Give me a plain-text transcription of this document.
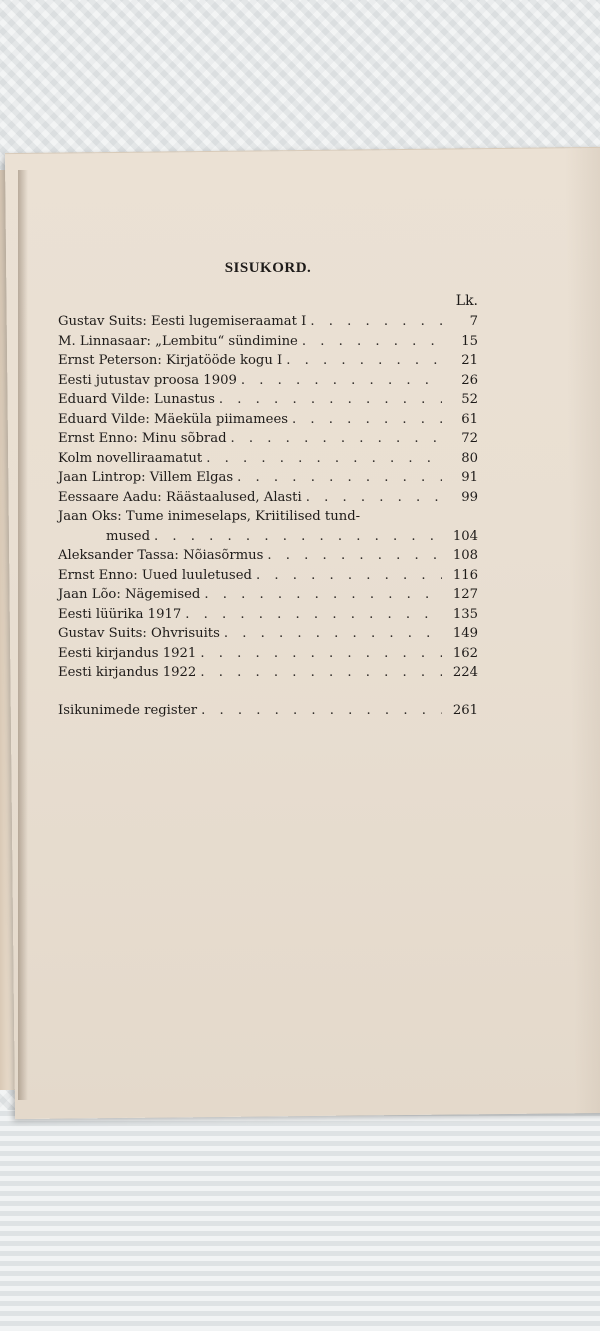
SISUKORD.
Lk.
Gustav Suits: Eesti lugemiseraamat I . . .	7
M. Linnasaar: „Lembitu“ sündimine . . .	15
Ernst Peterson: Kirjatööde kogu I . . .	21
Eesti jutustav proosa 1909 . . .	26
Eduard Vilde: Lunastus . . .	52
Eduard Vilde: Mäeküla piimamees . . .	61
Ernst Enno: Minu sõbrad . . .	72
Kolm novelliraamatut . . .	80
Jaan Lintrop: Villem Elgas . . .	91
Eessaare Aadu: Räästaalused, Alasti . . .	99
Jaan Oks: Tume inimeselaps, Kriitilised tund-
mused . . .	104
Aleksander Tassa: Nõiasõrmus . . .	108
Ernst Enno: Uued luuletused . . .	116
Jaan Lõo: Nägemised . . .	127
Eesti lüürika 1917 . . .	135
Gustav Suits: Ohvrisuits . . .	149
Eesti kirjandus 1921 . . .	162
Eesti kirjandus 1922 . . .	224
Isikunimede register . . .	261
